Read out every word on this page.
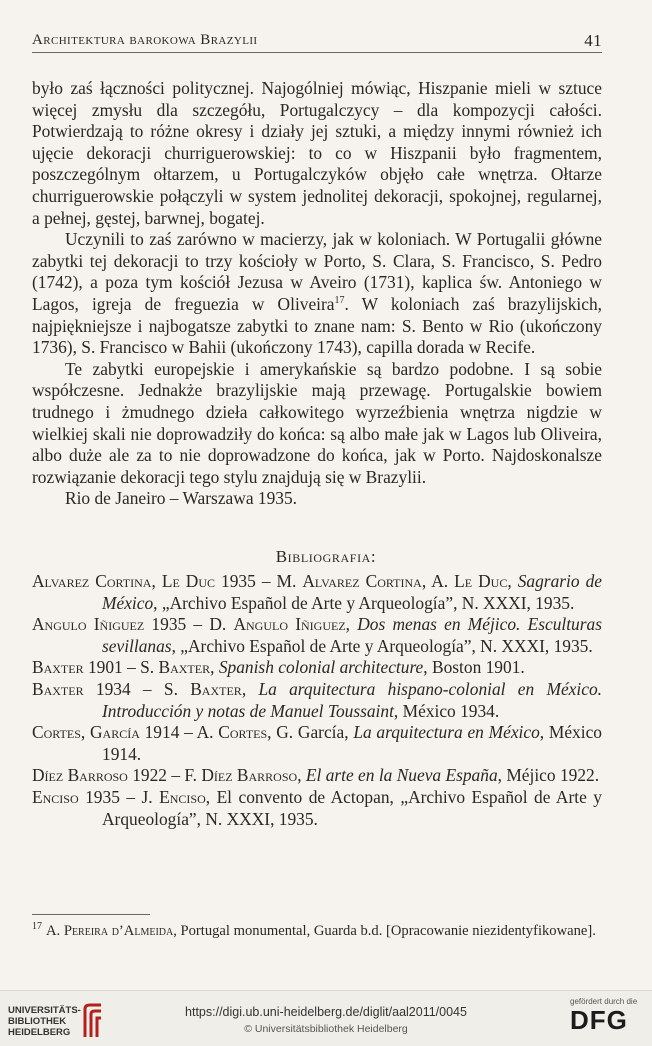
Architektura barokowa Brazylii	41

było zaś łączności politycznej. Najogólniej mówiąc, Hiszpanie mieli w sztuce więcej zmysłu dla szczegółu, Portugalczycy – dla kompozycji całości. Potwierdzają to różne okresy i działy jej sztuki, a między innymi również ich ujęcie dekoracji churriguerowskiej: to co w Hiszpanii było fragmentem, poszczególnym ołtarzem, u Portugalczyków objęło całe wnętrza. Ołtarze churriguerowskie połączyli w system jednolitej dekoracji, spokojnej, regularnej, a pełnej, gęstej, barwnej, bogatej.

Uczynili to zaś zarówno w macierzy, jak w koloniach. W Portugalii główne zabytki tej dekoracji to trzy kościoły w Porto, S. Clara, S. Francisco, S. Pedro (1742), a poza tym kościół Jezusa w Aveiro (1731), kaplica św. Antoniego w Lagos, igreja de freguezia w Oliveira$^{17}$. W koloniach zaś brazylijskich, najpiękniejsze i najbogatsze zabytki to znane nam: S. Bento w Rio (ukończony 1736), S. Francisco w Bahii (ukończony 1743), capilla dorada w Recife.

Te zabytki europejskie i amerykańskie są bardzo podobne. I są sobie współczesne. Jednakże brazylijskie mają przewagę. Portugalskie bowiem trudnego i żmudnego dzieła całkowitego wyrzeźbienia wnętrza nigdzie w wielkiej skali nie doprowadziły do końca: są albo małe jak w Lagos lub Oliveira, albo duże ale za to nie doprowadzone do końca, jak w Porto. Najdoskonalsze rozwiązanie dekoracji tego stylu znajdują się w Brazylii.

Rio de Janeiro – Warszawa 1935.

Bibliografia:

Alvarez Cortina, Le Duc 1935 – M. Alvarez Cortina, A. Le Duc, Sagrario de México, „Archivo Español de Arte y Arqueología”, N. XXXI, 1935.

Angulo Iñiguez 1935 – D. Angulo Iñiguez, Dos menas en Méjico. Esculturas sevillanas, „Archivo Español de Arte y Arqueología”, N. XXXI, 1935.

Baxter 1901 – S. Baxter, Spanish colonial architecture, Boston 1901.

Baxter 1934 – S. Baxter, La arquitectura hispano-colonial en México. Introducción y notas de Manuel Toussaint, México 1934.

Cortes, García 1914 – A. Cortes, G. García, La arquitectura en México, México 1914.

Díez Barroso 1922 – F. Díez Barroso, El arte en la Nueva España, Méjico 1922.

Enciso 1935 – J. Enciso, El convento de Actopan, „Archivo Español de Arte y Arqueología”, N. XXXI, 1935.

$^{17}$ A. Pereira d’Almeida, Portugal monumental, Guarda b.d. [Opracowanie niezidentyfikowane].
UNIVERSITÄTS-
BIBLIOTHEK
HEIDELBERG
https://digi.ub.uni-heidelberg.de/diglit/aal2011/0045
© Universitätsbibliothek Heidelberg
gefördert durch die
DFG
